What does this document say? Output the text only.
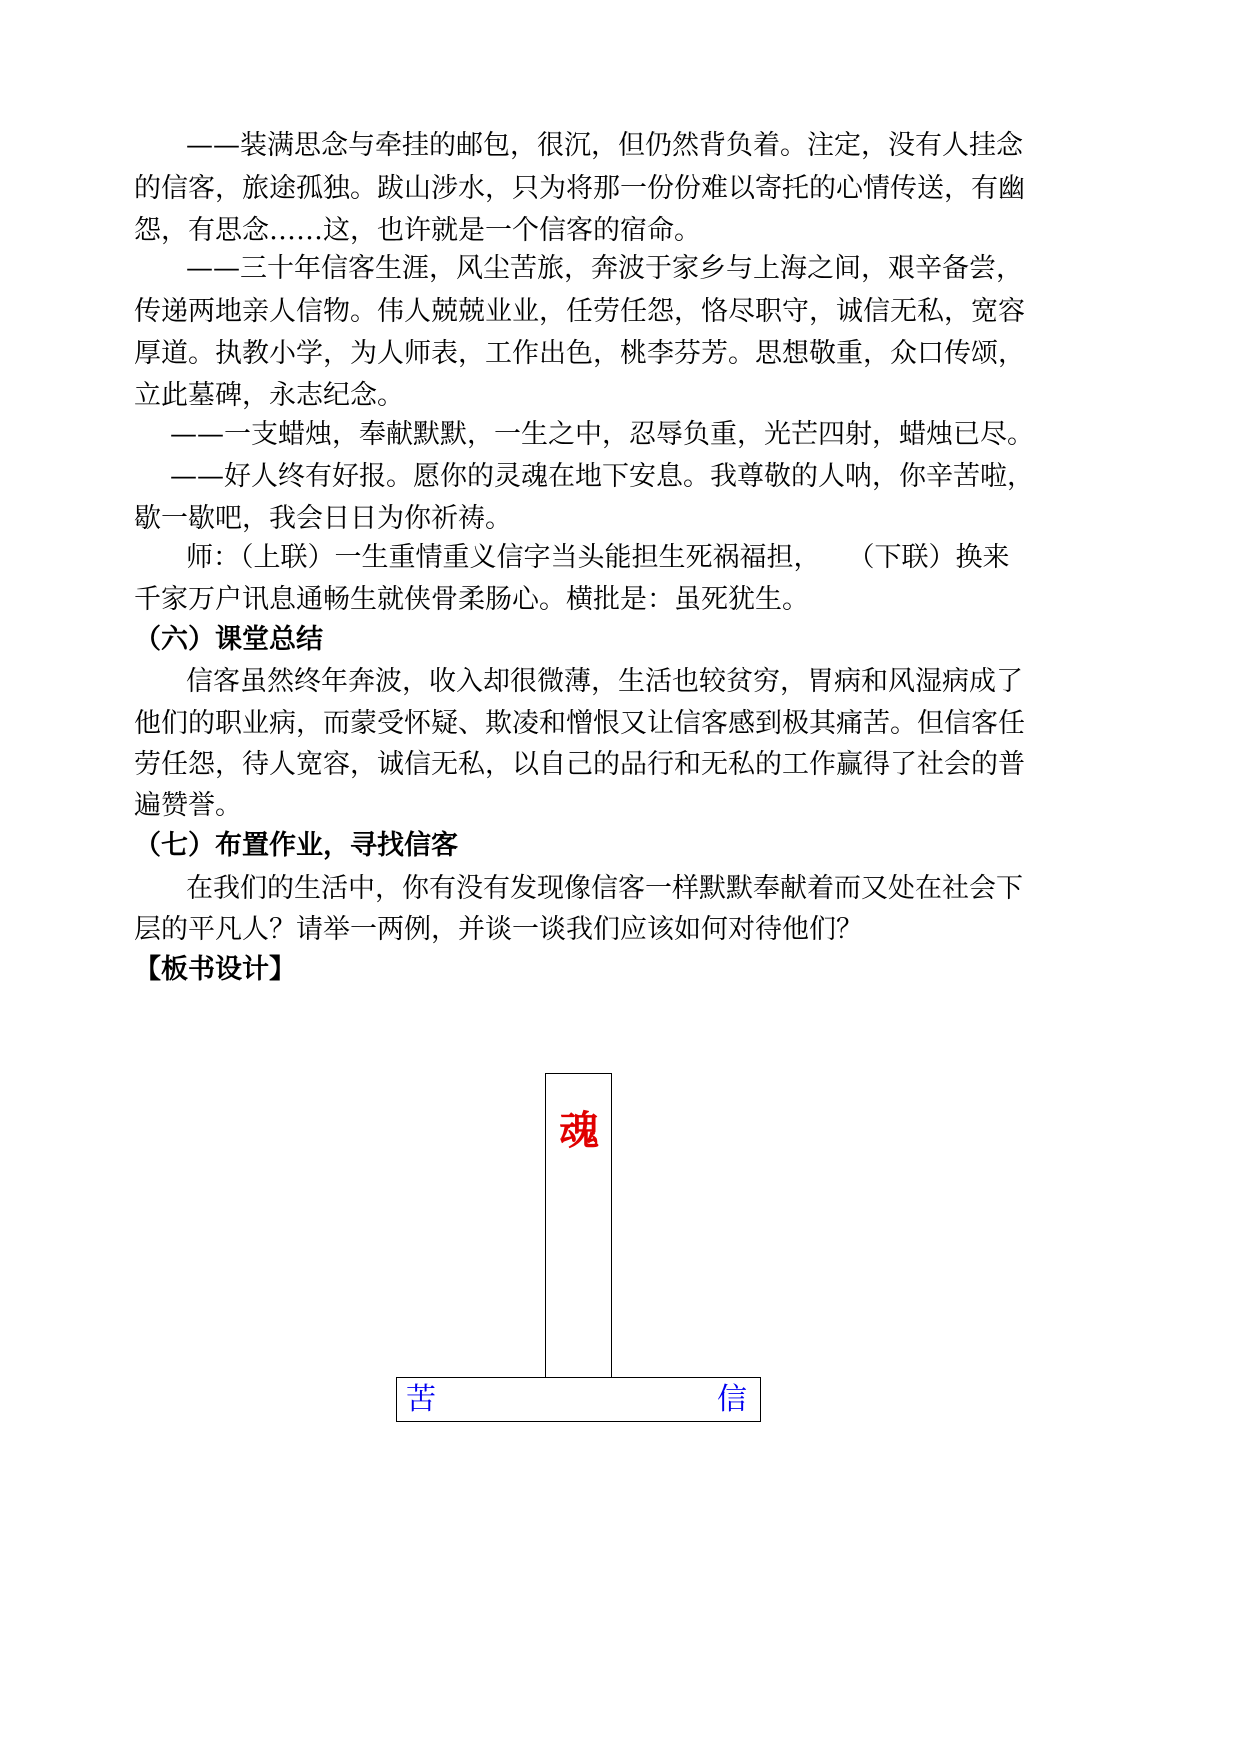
——装满思念与牵挂的邮包，很沉，但仍然背负着。注定，没有人挂念
的信客，旅途孤独。跋山涉水，只为将那一份份难以寄托的心情传送，有幽
怨，有思念……这，也许就是一个信客的宿命。
——三十年信客生涯，风尘苦旅，奔波于家乡与上海之间，艰辛备尝，
传递两地亲人信物。伟人兢兢业业，任劳任怨，恪尽职守，诚信无私，宽容
厚道。执教小学，为人师表，工作出色，桃李芬芳。思想敬重，众口传颂，
立此墓碑，永志纪念。
——一支蜡烛，奉献默默，一生之中，忍辱负重，光芒四射，蜡烛已尽。
——好人终有好报。愿你的灵魂在地下安息。我尊敬的人呐，你辛苦啦，
歇一歇吧，我会日日为你祈祷。
师：（上联）一生重情重义信字当头能担生死祸福担，　　（下联）换来
千家万户讯息通畅生就侠骨柔肠心。横批是：虽死犹生。
（六）课堂总结
信客虽然终年奔波，收入却很微薄，生活也较贫穷，胃病和风湿病成了
他们的职业病，而蒙受怀疑、欺凌和憎恨又让信客感到极其痛苦。但信客任
劳任怨，待人宽容，诚信无私，以自己的品行和无私的工作赢得了社会的普
遍赞誉。
（七）布置作业，寻找信客
在我们的生活中，你有没有发现像信客一样默默奉献着而又处在社会下
层的平凡人？请举一两例，并谈一谈我们应该如何对待他们？
【板书设计】
魂
苦	信
